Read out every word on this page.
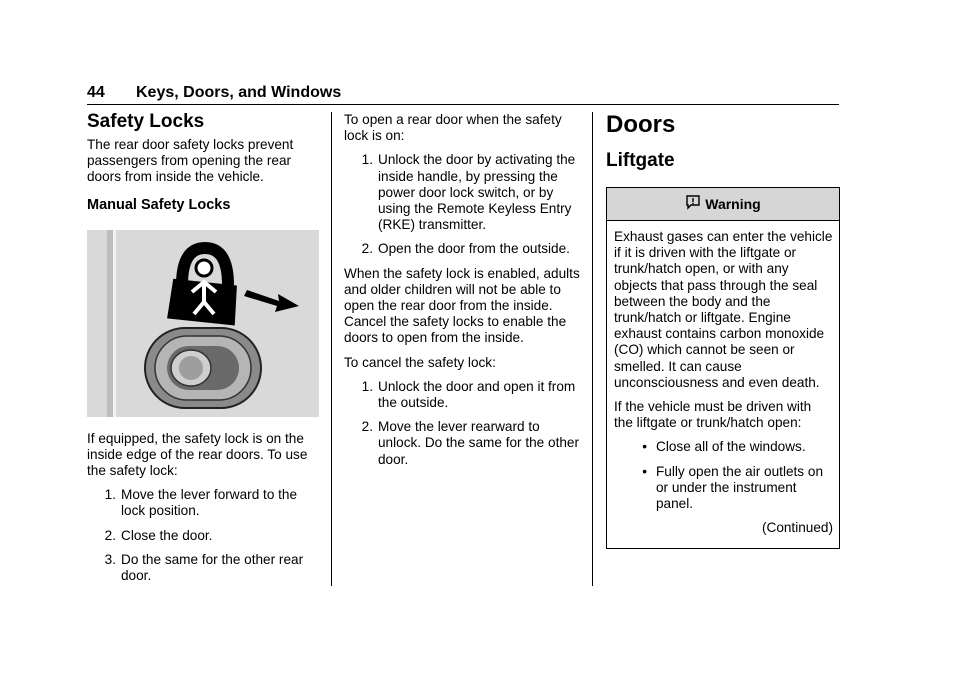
44 Keys, Doors, and Windows
Safety Locks

The rear door safety locks prevent passengers from opening the rear doors from inside the vehicle.

Manual Safety Locks

If equipped, the safety lock is on the inside edge of the rear doors. To use the safety lock:

1. Move the lever forward to the lock position.
2. Close the door.
3. Do the same for the other rear door.

To open a rear door when the safety lock is on:

1. Unlock the door by activating the inside handle, by pressing the power door lock switch, or by using the Remote Keyless Entry (RKE) transmitter.
2. Open the door from the outside.

When the safety lock is enabled, adults and older children will not be able to open the rear door from the inside. Cancel the safety locks to enable the doors to open from the inside.

To cancel the safety lock:

1. Unlock the door and open it from the outside.
2. Move the lever rearward to unlock. Do the same for the other door.
Doors
Liftgate
Warning

Exhaust gases can enter the vehicle if it is driven with the liftgate or trunk/hatch open, or with any objects that pass through the seal between the body and the trunk/hatch or liftgate. Engine exhaust contains carbon monoxide (CO) which cannot be seen or smelled. It can cause unconsciousness and even death.

If the vehicle must be driven with the liftgate or trunk/hatch open:

• Close all of the windows.
• Fully open the air outlets on or under the instrument panel.

(Continued)
